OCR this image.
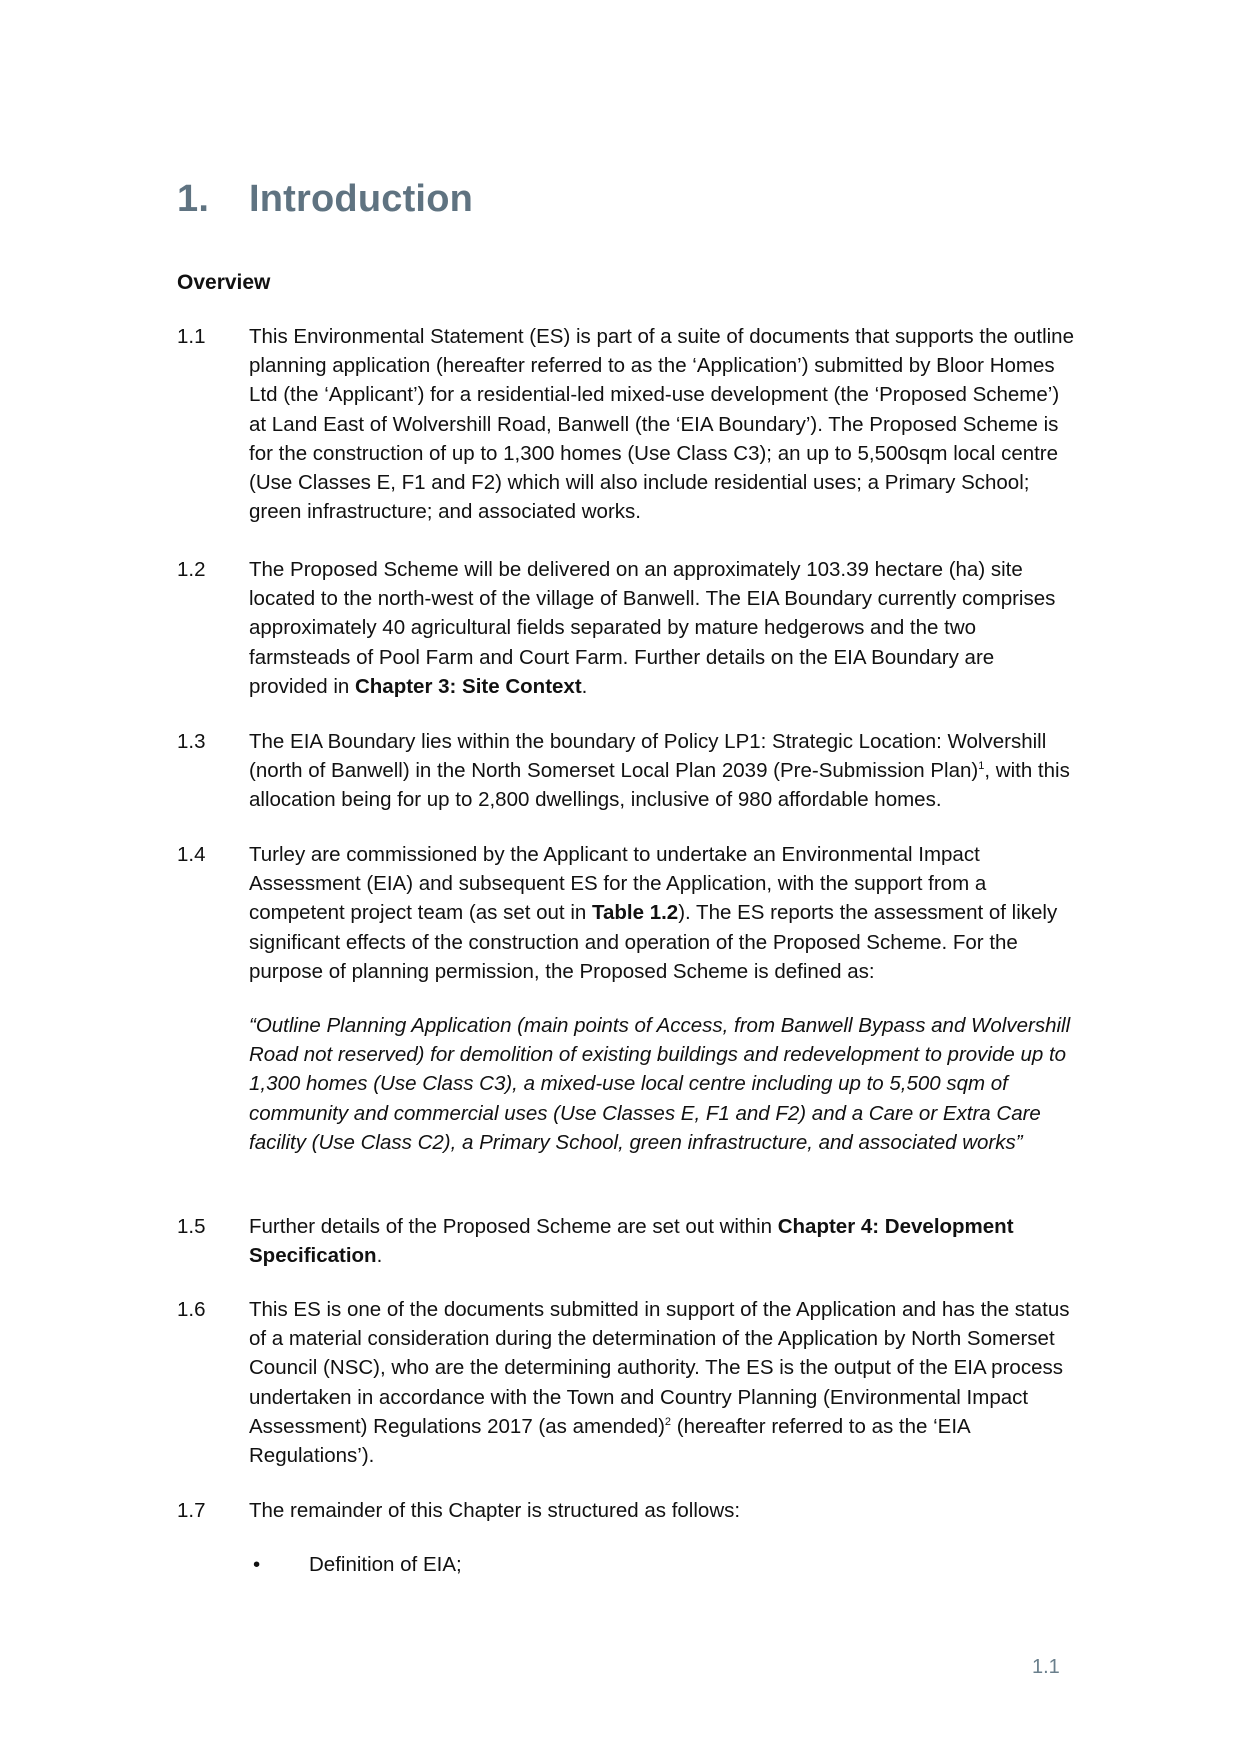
1. Introduction
Overview
1.1	This Environmental Statement (ES) is part of a suite of documents that supports the outline planning application (hereafter referred to as the ‘Application’) submitted by Bloor Homes Ltd (the ‘Applicant’) for a residential-led mixed-use development (the ‘Proposed Scheme’) at Land East of Wolvershill Road, Banwell (the ‘EIA Boundary’). The Proposed Scheme is for the construction of up to 1,300 homes (Use Class C3); an up to 5,500sqm local centre (Use Classes E, F1 and F2) which will also include residential uses; a Primary School; green infrastructure; and associated works.
1.2	The Proposed Scheme will be delivered on an approximately 103.39 hectare (ha) site located to the north-west of the village of Banwell. The EIA Boundary currently comprises approximately 40 agricultural fields separated by mature hedgerows and the two farmsteads of Pool Farm and Court Farm. Further details on the EIA Boundary are provided in Chapter 3: Site Context.
1.3	The EIA Boundary lies within the boundary of Policy LP1: Strategic Location: Wolvershill (north of Banwell) in the North Somerset Local Plan 2039 (Pre-Submission Plan)$^1$, with this allocation being for up to 2,800 dwellings, inclusive of 980 affordable homes.
1.4	Turley are commissioned by the Applicant to undertake an Environmental Impact Assessment (EIA) and subsequent ES for the Application, with the support from a competent project team (as set out in Table 1.2). The ES reports the assessment of likely significant effects of the construction and operation of the Proposed Scheme. For the purpose of planning permission, the Proposed Scheme is defined as:
“Outline Planning Application (main points of Access, from Banwell Bypass and Wolvershill Road not reserved) for demolition of existing buildings and redevelopment to provide up to 1,300 homes (Use Class C3), a mixed-use local centre including up to 5,500 sqm of community and commercial uses (Use Classes E, F1 and F2) and a Care or Extra Care facility (Use Class C2), a Primary School, green infrastructure, and associated works”
1.5	Further details of the Proposed Scheme are set out within Chapter 4: Development Specification.
1.6	This ES is one of the documents submitted in support of the Application and has the status of a material consideration during the determination of the Application by North Somerset Council (NSC), who are the determining authority. The ES is the output of the EIA process undertaken in accordance with the Town and Country Planning (Environmental Impact Assessment) Regulations 2017 (as amended)$^2$ (hereafter referred to as the ‘EIA Regulations’).
1.7	The remainder of this Chapter is structured as follows:
• Definition of EIA;
1.1
